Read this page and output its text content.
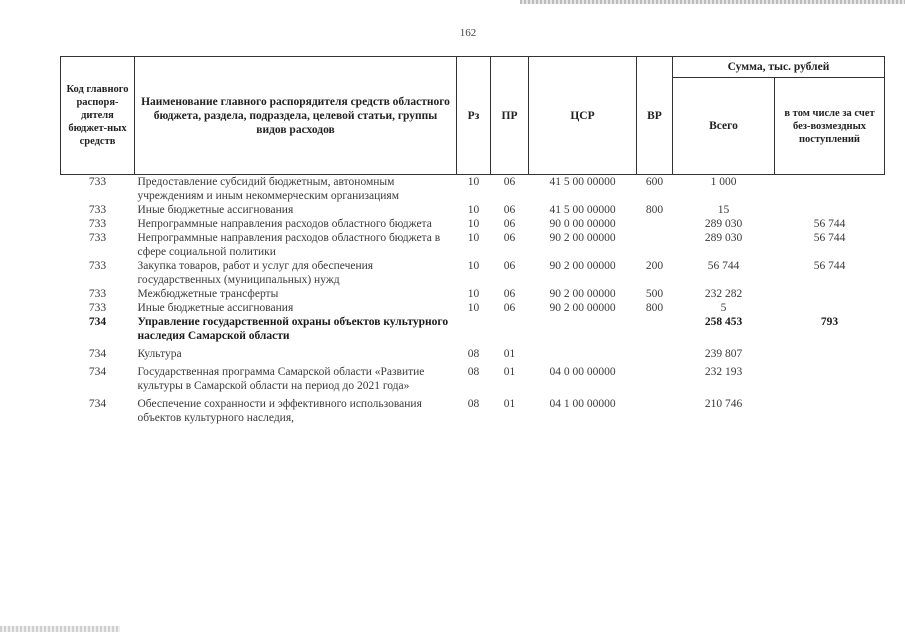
162
Код главного распоря-дителя бюджет-ных средств	Наименование главного распорядителя средств областного бюджета, раздела, подраздела, целевой статьи, группы видов расходов	Рз	ПР	ЦСР	ВР	Сумма, тыс. рублей	
						Всего	в том числе за счет без-возмездных поступлений
733	Предоставление субсидий бюджетным, автономным учреждениям и иным некоммерческим организациям	10	06	41 5 00 00000	600	1 000	
733	Иные бюджетные ассигнования	10	06	41 5 00 00000	800	15	
733	Непрограммные направления расходов областного бюджета	10	06	90 0 00 00000		289 030	56 744
733	Непрограммные направления расходов областного бюджета в сфере социальной политики	10	06	90 2 00 00000		289 030	56 744
733	Закупка товаров, работ и услуг для обеспечения государственных (муниципальных) нужд	10	06	90 2 00 00000	200	56 744	56 744
733	Межбюджетные трансферты	10	06	90 2 00 00000	500	232 282	
733	Иные бюджетные ассигнования	10	06	90 2 00 00000	800	5	
734	Управление государственной охраны объектов культурного наследия Самарской области					258 453	793
734	Культура	08	01			239 807	
734	Государственная программа Самарской области «Развитие культуры в Самарской области на период до 2021 года»	08	01	04 0 00 00000		232 193	
734	Обеспечение сохранности и эффективного использования объектов культурного наследия,	08	01	04 1 00 00000		210 746	
